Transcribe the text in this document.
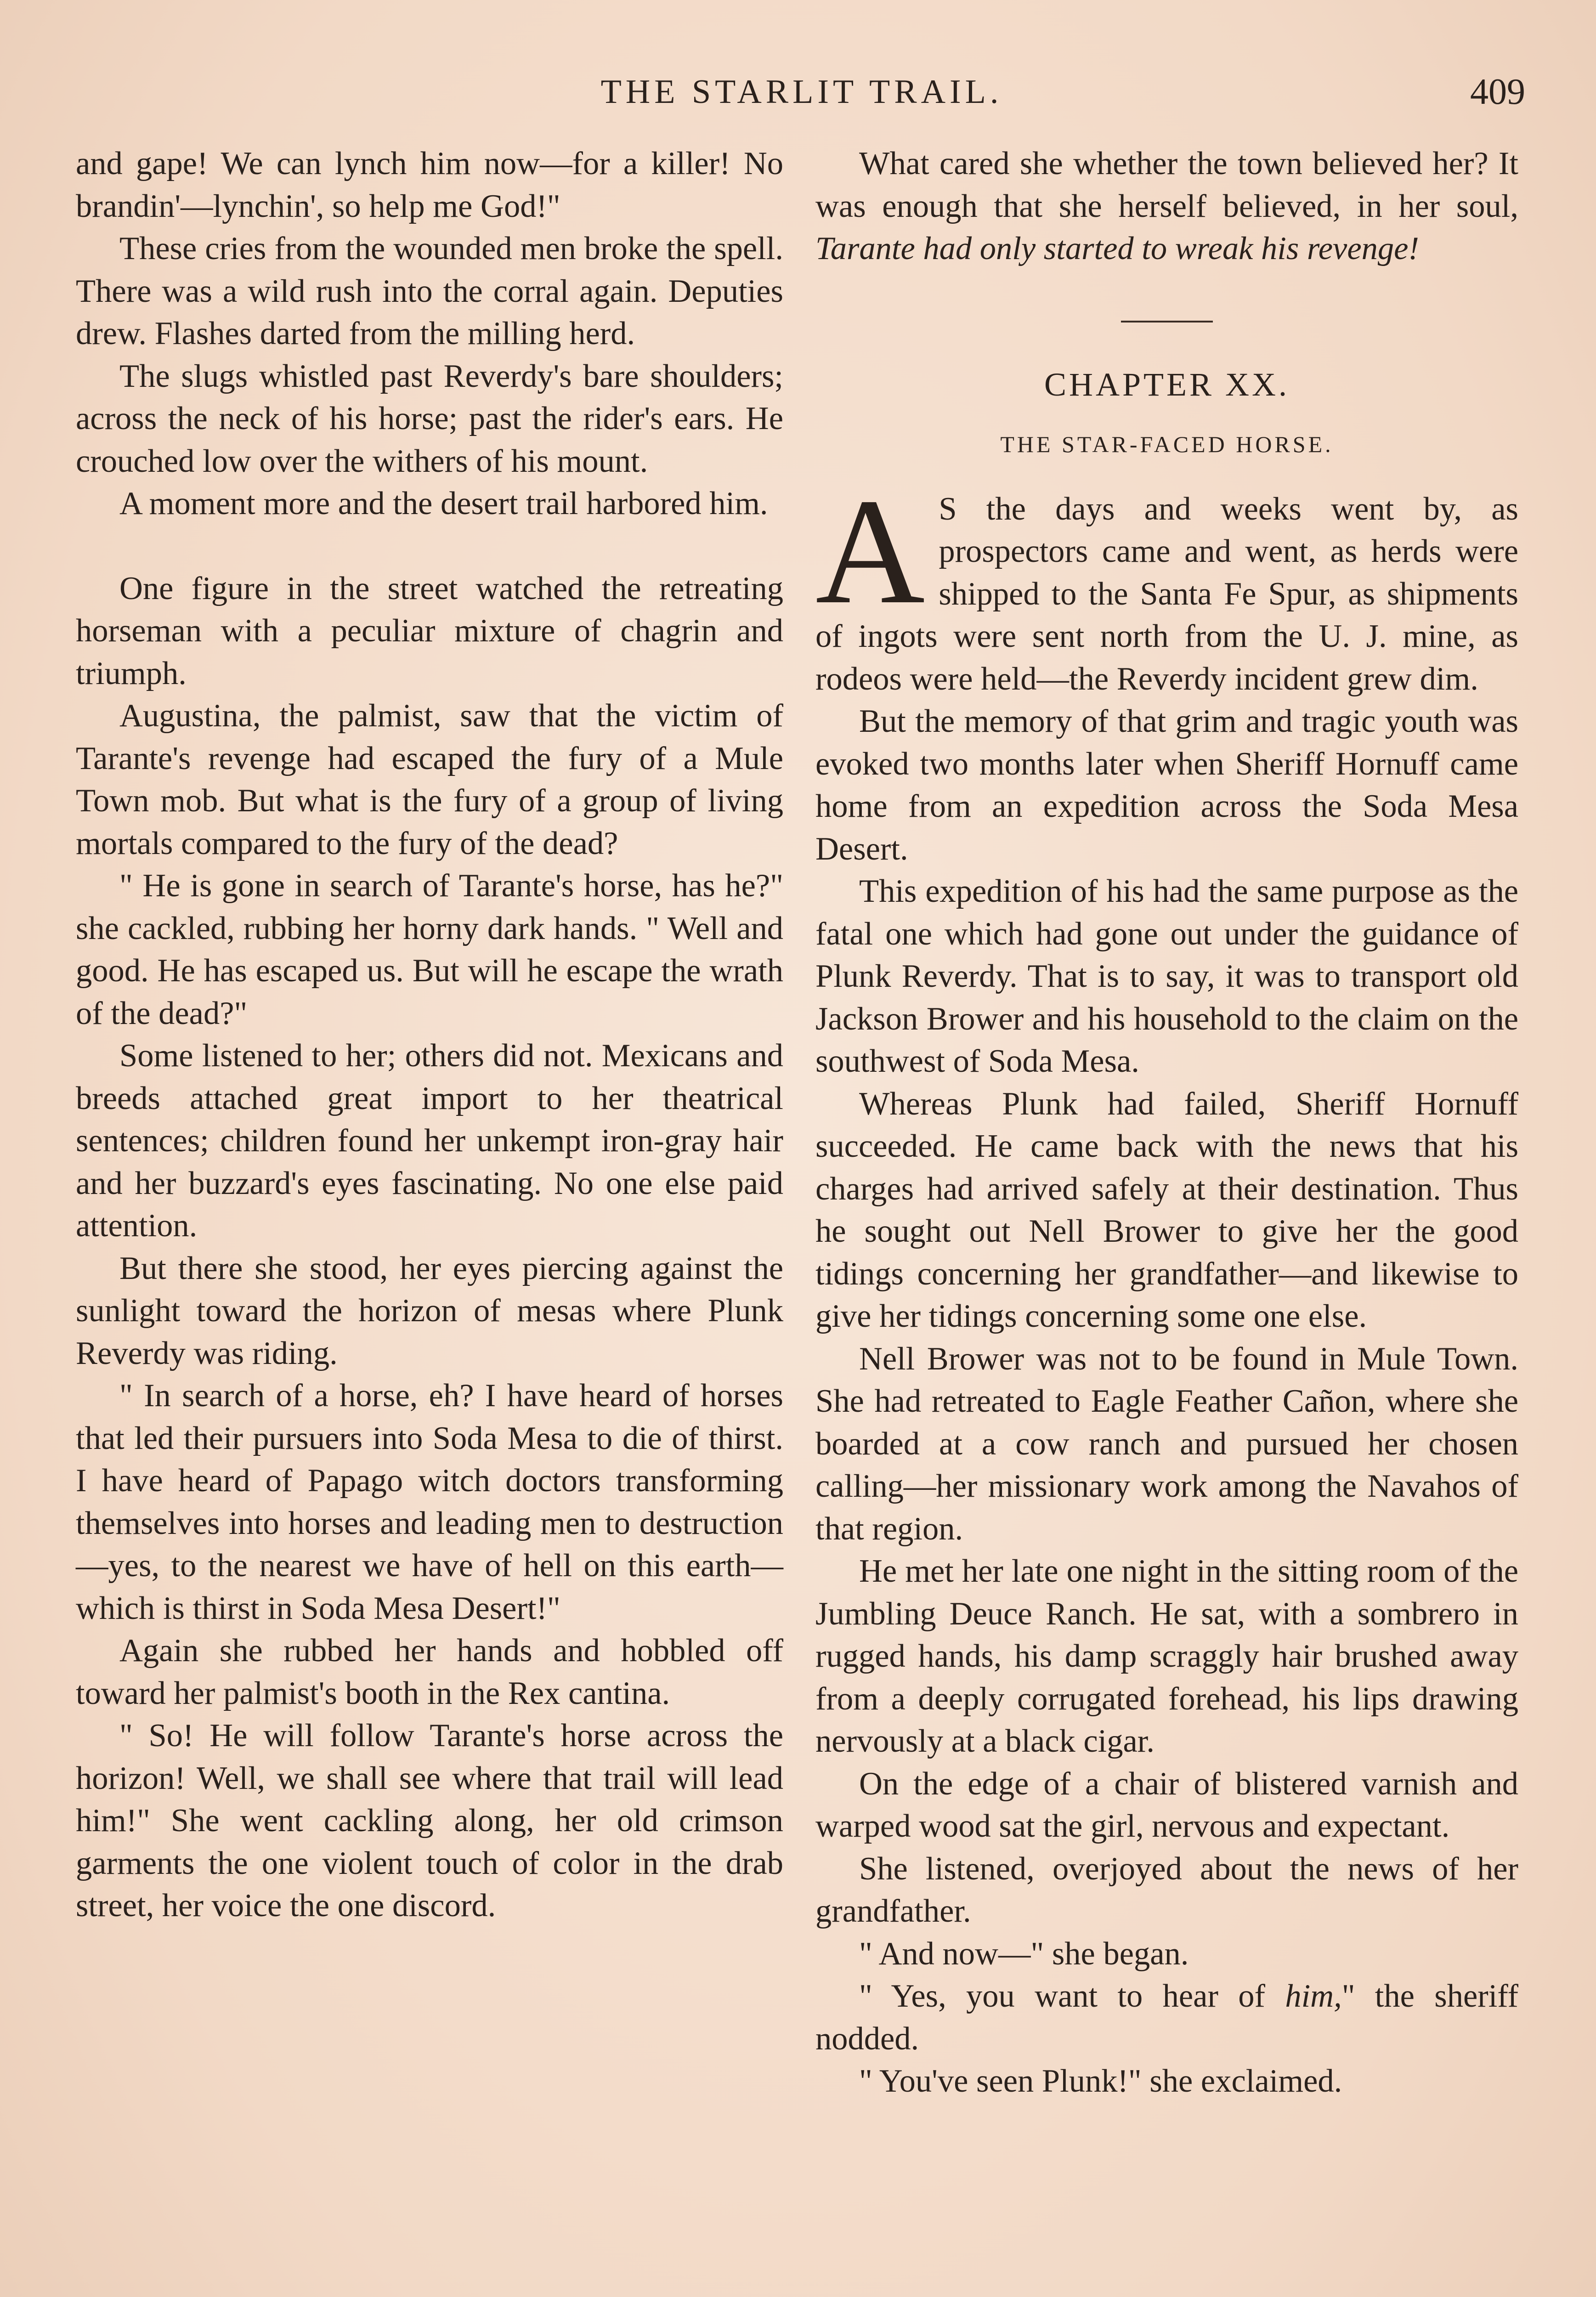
THE STARLIT TRAIL.	409

and gape! We can lynch him now—for a killer! No brandin'—lynchin', so help me God!"

These cries from the wounded men broke the spell. There was a wild rush into the corral again. Deputies drew. Flashes darted from the milling herd.

The slugs whistled past Reverdy's bare shoulders; across the neck of his horse; past the rider's ears. He crouched low over the withers of his mount.

A moment more and the desert trail harbored him.

One figure in the street watched the retreating horseman with a peculiar mixture of chagrin and triumph.

Augustina, the palmist, saw that the victim of Tarante's revenge had escaped the fury of a Mule Town mob. But what is the fury of a group of living mortals compared to the fury of the dead?

" He is gone in search of Tarante's horse, has he?" she cackled, rubbing her horny dark hands. " Well and good. He has escaped us. But will he escape the wrath of the dead?"

Some listened to her; others did not. Mexicans and breeds attached great import to her theatrical sentences; children found her unkempt iron-gray hair and her buzzard's eyes fascinating. No one else paid attention.

But there she stood, her eyes piercing against the sunlight toward the horizon of mesas where Plunk Reverdy was riding.

" In search of a horse, eh? I have heard of horses that led their pursuers into Soda Mesa to die of thirst. I have heard of Papago witch doctors transforming themselves into horses and leading men to destruction—yes, to the nearest we have of hell on this earth—which is thirst in Soda Mesa Desert!"

Again she rubbed her hands and hobbled off toward her palmist's booth in the Rex cantina.

" So! He will follow Tarante's horse across the horizon! Well, we shall see where that trail will lead him!" She went cackling along, her old crimson garments the one violent touch of color in the drab street, her voice the one discord.

What cared she whether the town believed her? It was enough that she herself believed, in her soul, Tarante had only started to wreak his revenge!

CHAPTER XX.
THE STAR-FACED HORSE.

A S the days and weeks went by, as prospectors came and went, as herds were shipped to the Santa Fe Spur, as shipments of ingots were sent north from the U. J. mine, as rodeos were held—the Reverdy incident grew dim.

But the memory of that grim and tragic youth was evoked two months later when Sheriff Hornuff came home from an expedition across the Soda Mesa Desert.

This expedition of his had the same purpose as the fatal one which had gone out under the guidance of Plunk Reverdy. That is to say, it was to transport old Jackson Brower and his household to the claim on the southwest of Soda Mesa.

Whereas Plunk had failed, Sheriff Hornuff succeeded. He came back with the news that his charges had arrived safely at their destination. Thus he sought out Nell Brower to give her the good tidings concerning her grandfather—and likewise to give her tidings concerning some one else.

Nell Brower was not to be found in Mule Town. She had retreated to Eagle Feather Cañon, where she boarded at a cow ranch and pursued her chosen calling—her missionary work among the Navahos of that region.

He met her late one night in the sitting room of the Jumbling Deuce Ranch. He sat, with a sombrero in rugged hands, his damp scraggly hair brushed away from a deeply corrugated forehead, his lips drawing nervously at a black cigar.

On the edge of a chair of blistered varnish and warped wood sat the girl, nervous and expectant.

She listened, overjoyed about the news of her grandfather.

" And now—" she began.

" Yes, you want to hear of him," the sheriff nodded.

" You've seen Plunk!" she exclaimed.
